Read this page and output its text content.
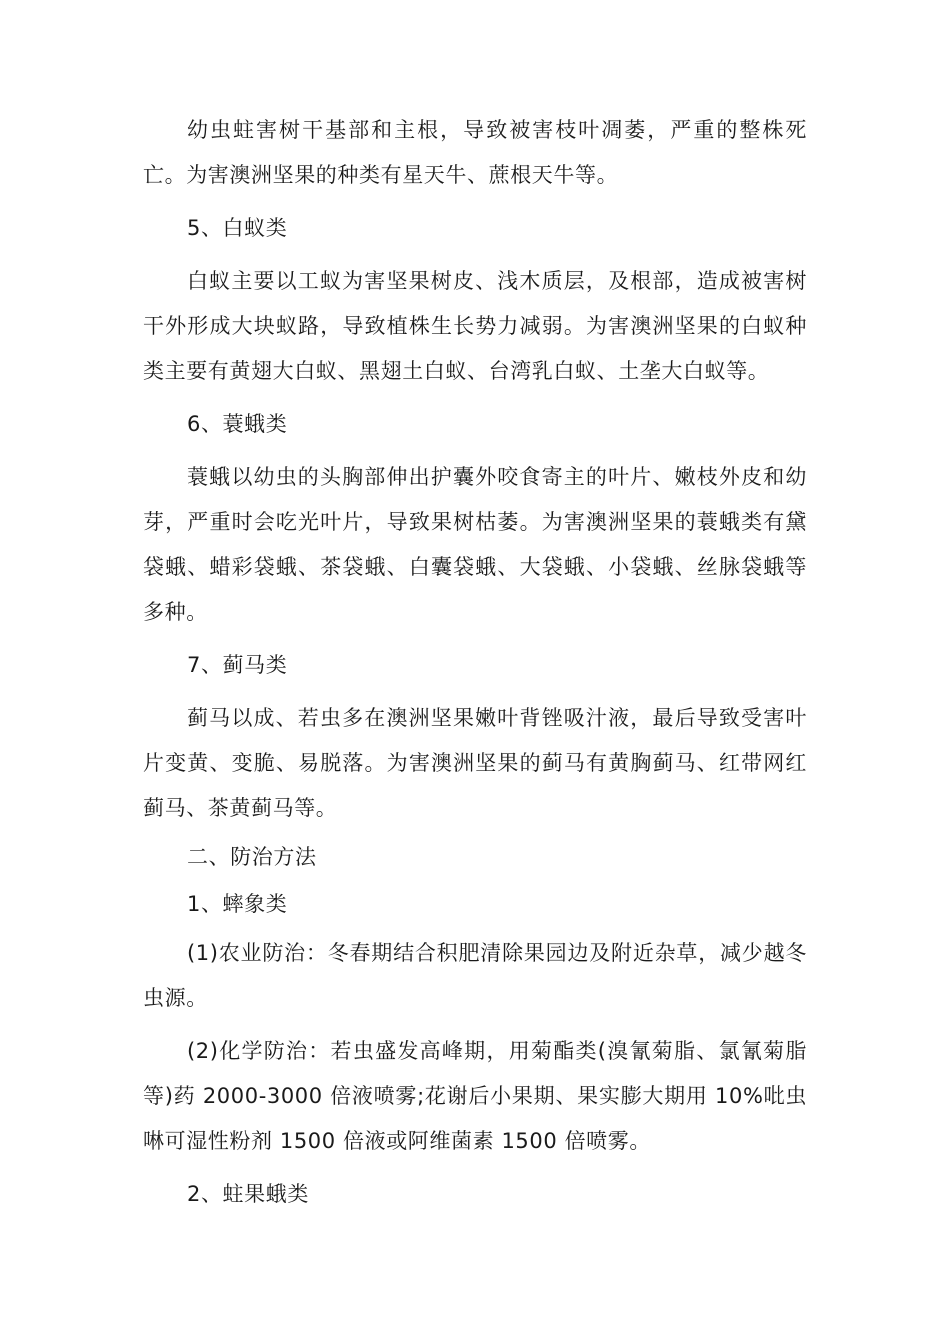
幼虫蛀害树干基部和主根，导致被害枝叶凋萎，严重的整株死亡。为害澳洲坚果的种类有星天牛、蔗根天牛等。

5、白蚁类

白蚁主要以工蚁为害坚果树皮、浅木质层，及根部，造成被害树干外形成大块蚁路，导致植株生长势力减弱。为害澳洲坚果的白蚁种类主要有黄翅大白蚁、黑翅土白蚁、台湾乳白蚁、土垄大白蚁等。

6、蓑蛾类

蓑蛾以幼虫的头胸部伸出护囊外咬食寄主的叶片、嫩枝外皮和幼芽，严重时会吃光叶片，导致果树枯萎。为害澳洲坚果的蓑蛾类有黛袋蛾、蜡彩袋蛾、茶袋蛾、白囊袋蛾、大袋蛾、小袋蛾、丝脉袋蛾等多种。

7、蓟马类

蓟马以成、若虫多在澳洲坚果嫩叶背锉吸汁液，最后导致受害叶片变黄、变脆、易脱落。为害澳洲坚果的蓟马有黄胸蓟马、红带网红蓟马、茶黄蓟马等。

二、防治方法

1、蟀象类

(1)农业防治：冬春期结合积肥清除果园边及附近杂草，减少越冬虫源。

(2)化学防治：若虫盛发高峰期，用菊酯类(溴氰菊脂、氯氰菊脂等)药 2000-3000 倍液喷雾;花谢后小果期、果实膨大期用 10%吡虫啉可湿性粉剂 1500 倍液或阿维菌素 1500 倍喷雾。

2、蛀果蛾类
